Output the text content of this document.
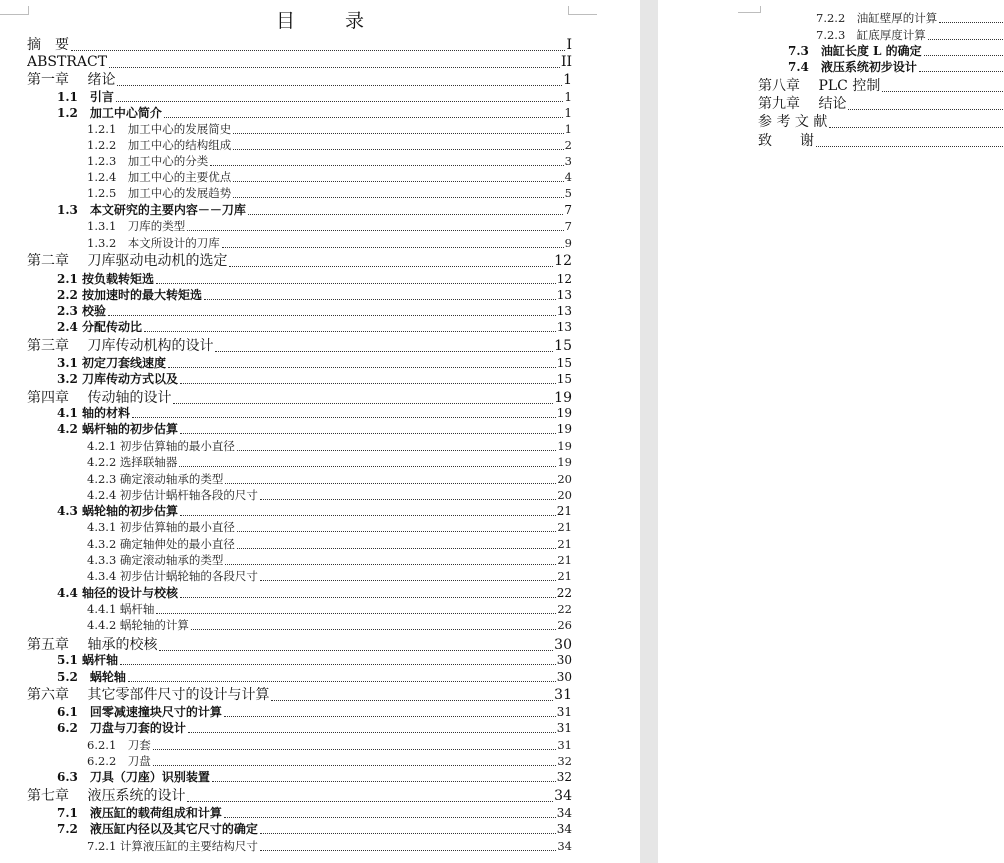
目 录
摘　要	I
ABSTRACT	II
第一章　 绪论	1
1.1　引言	1
1.2　加工中心简介	1
1.2.1　加工中心的发展简史	1
1.2.2　加工中心的结构组成	2
1.2.3　加工中心的分类	3
1.2.4　加工中心的主要优点	4
1.2.5　加工中心的发展趋势	5
1.3　本文研究的主要内容－－刀库	7
1.3.1　刀库的类型	7
1.3.2　本文所设计的刀库	9
第二章　 刀库驱动电动机的选定	12
2.1 按负载转矩选	12
2.2 按加速时的最大转矩选	13
2.3 校验	13
2.4 分配传动比	13
第三章　 刀库传动机构的设计	15
3.1 初定刀套线速度	15
3.2 刀库传动方式以及	15
第四章　 传动轴的设计	19
4.1 轴的材料	19
4.2 蜗杆轴的初步估算	19
4.2.1 初步估算轴的最小直径	19
4.2.2 选择联轴器	19
4.2.3 确定滚动轴承的类型	20
4.2.4 初步估计蜗杆轴各段的尺寸	20
4.3 蜗轮轴的初步估算	21
4.3.1 初步估算轴的最小直径	21
4.3.2 确定轴伸处的最小直径	21
4.3.3 确定滚动轴承的类型	21
4.3.4 初步估计蜗轮轴的各段尺寸	21
4.4 轴径的设计与校核	22
4.4.1 蜗杆轴	22
4.4.2 蜗轮轴的计算	26
第五章　 轴承的校核	30
5.1 蜗杆轴	30
5.2　蜗轮轴	30
第六章　 其它零部件尺寸的设计与计算	31
6.1　回零减速撞块尺寸的计算	31
6.2　刀盘与刀套的设计	31
6.2.1　刀套	31
6.2.2　刀盘	32
6.3　刀具（刀座）识别装置	32
第七章　 液压系统的设计	34
7.1　液压缸的载荷组成和计算	34
7.2　液压缸内径以及其它尺寸的确定	34
7.2.1 计算液压缸的主要结构尺寸	34
7.2.2　油缸壁厚的计算
7.2.3　缸底厚度计算
7.3　油缸长度 L 的确定
7.4　液压系统初步设计
第八章　 PLC 控制
第九章　 结论
参 考 文 献
致　　谢
